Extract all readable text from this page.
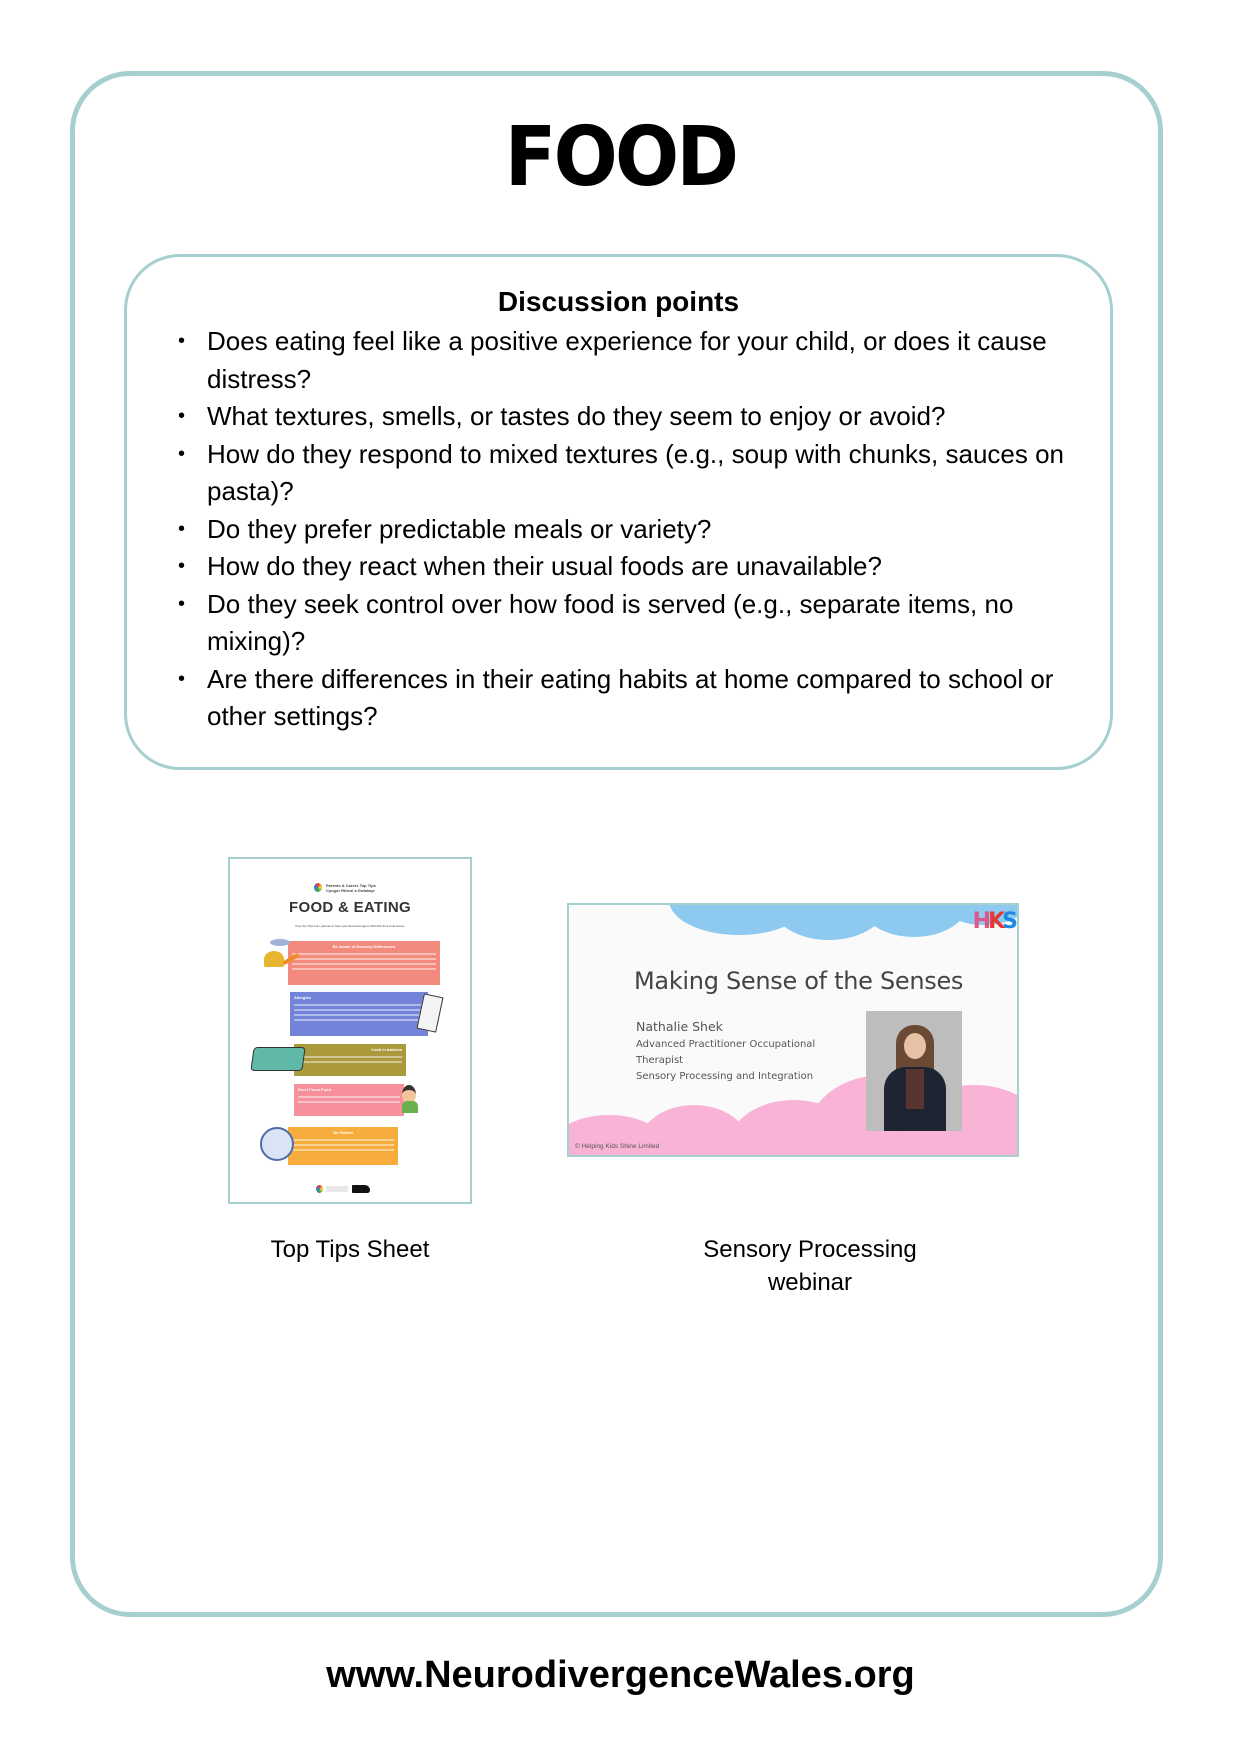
FOOD
Discussion points
• Does eating feel like a positive experience for your child, or does it cause distress?
• What textures, smells, or tastes do they seem to enjoy or avoid?
• How do they respond to mixed textures (e.g., soup with chunks, sauces on pasta)?
• Do they prefer predictable meals or variety?
• How do they react when their usual foods are unavailable?
• Do they seek control over how food is served (e.g., separate items, no mixing)?
• Are there differences in their eating habits at home compared to school or other settings?
Parents & Carers Top Tips
Cyngor Rhieni a Gofalwyr
FOOD & EATING
Five Top Tips from parents to help your Neurodivergent child with their food issues
Be Aware of Sensory Differences
Allergies
Cook in batches
Don't Force Food
Be Patient
Top Tips Sheet
HKS
Making Sense of the Senses
Nathalie Shek
Advanced Practitioner Occupational
Therapist
Sensory Processing and Integration
© Helping Kids Shine Limited
Sensory Processing
webinar
www.NeurodivergenceWales.org
